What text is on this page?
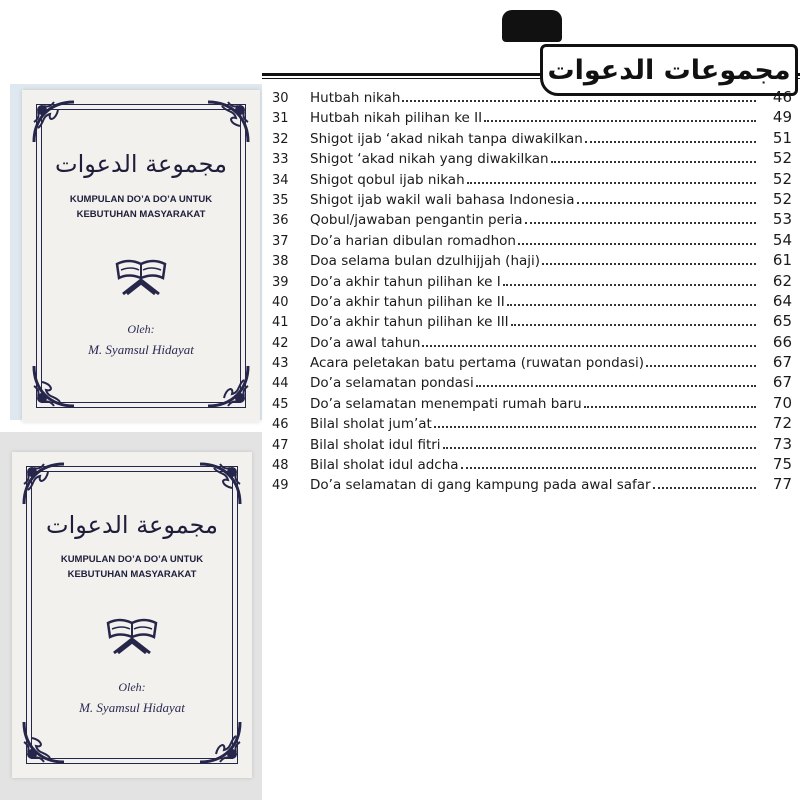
مجموعات الدعوات
30	Hutbah nikah	46
31	Hutbah nikah pilihan ke II	49
32	Shigot ijab ‘akad nikah tanpa diwakilkan	51
33	Shigot ‘akad nikah yang diwakilkan	52
34	Shigot qobul ijab nikah	52
35	Shigot ijab wakil wali bahasa Indonesia	52
36	Qobul/jawaban pengantin peria	53
37	Do’a harian dibulan romadhon	54
38	Doa selama bulan dzulhijjah (haji)	61
39	Do’a akhir tahun pilihan ke I	62
40	Do’a akhir tahun pilihan ke II	64
41	Do’a akhir tahun pilihan ke III	65
42	Do’a awal tahun	66
43	Acara peletakan batu pertama (ruwatan pondasi)	67
44	Do’a selamatan pondasi	67
45	Do’a selamatan menempati rumah baru	70
46	Bilal sholat jum’at	72
47	Bilal sholat idul fitri	73
48	Bilal sholat idul adcha	75
49	Do’a selamatan di gang kampung pada awal safar	77
مجموعة الدعوات
KUMPULAN DO’A DO’A UNTUK
KEBUTUHAN MASYARAKAT
Oleh:
M. Syamsul Hidayat
مجموعة الدعوات
KUMPULAN DO’A DO’A UNTUK
KEBUTUHAN MASYARAKAT
Oleh:
M. Syamsul Hidayat
